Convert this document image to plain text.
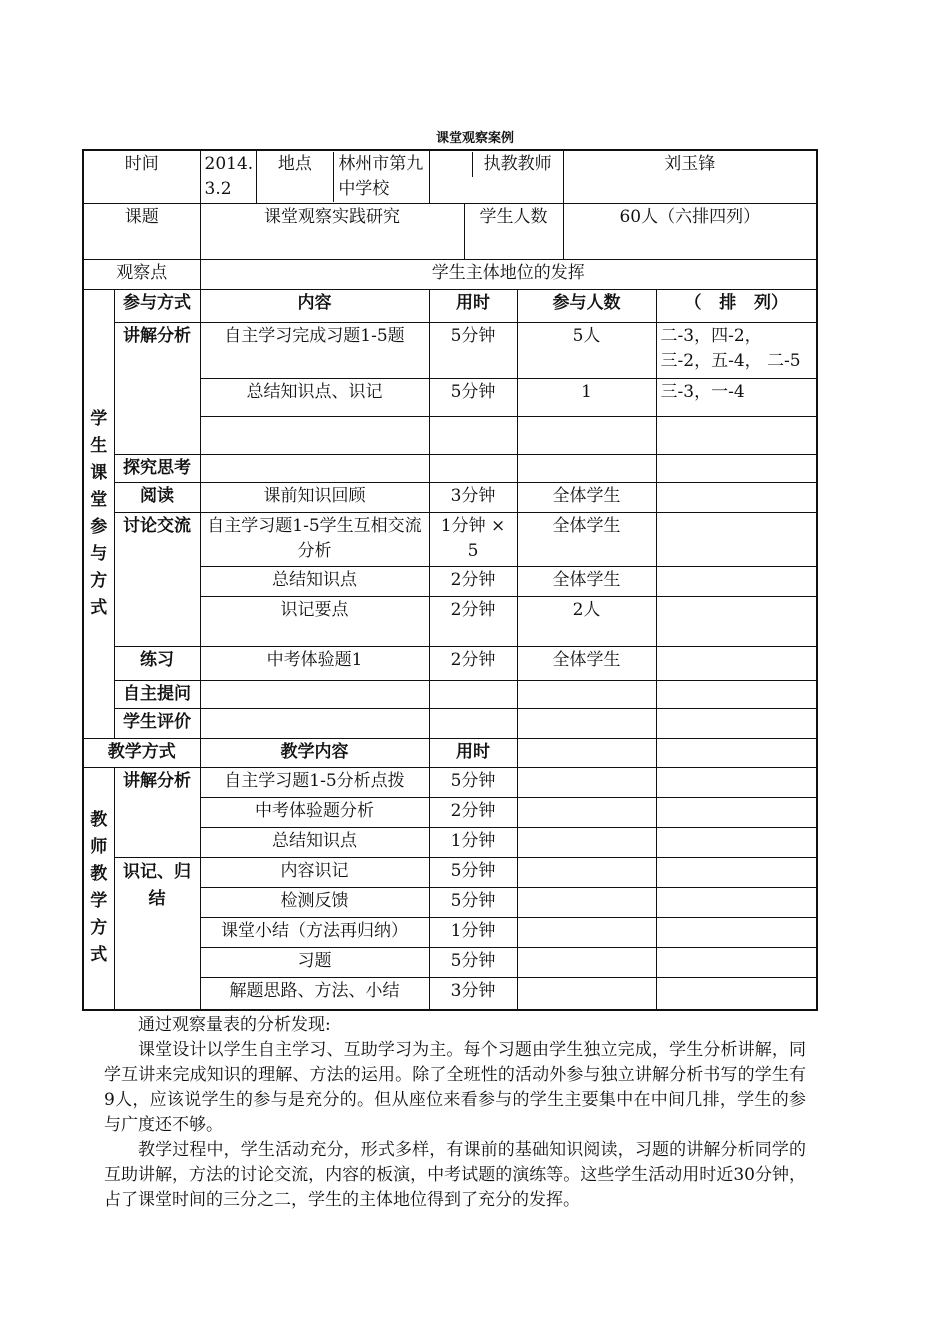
课堂观察案例
时间		2014. 3.2	地点 林州市第九中学校	执教教师			刘玉锋	
课题		课堂观察实践研究			学生人数		60人（六排四列）	
观察点		学生主体地位的发挥						

学生课堂参与方式	参与方式	内容		用时		参与人数		（   排   列）
	讲解分析	自主学习完成习题1-5题		5分钟		5人		二-3，四-2，三-2，五-4， 二-5
		总结知识点、识记		5分钟		1		三-3，一-4

	探究思考							
	阅读	课前知识回顾		3分钟		全体学生		
	讨论交流	自主学习题1-5学生互相交流分析		1分钟 × 5		全体学生		
		总结知识点		2分钟		全体学生		
		识记要点		2分钟		2人		
	练习	中考体验题1		2分钟		全体学生		
	自主提问							
	学生评价							
教学方式		教学内容		用时				

教师教学方式	讲解分析	自主学习题1-5分析点拨		5分钟				
		中考体验题分析		2分钟				
		总结知识点		1分钟				
	识记、归结	内容识记		5分钟				
		检测反馈		5分钟				
		课堂小结（方法再归纳）		1分钟				
		习题		5分钟				
		解题思路、方法、小结		3分钟				

通过观察量表的分析发现:

课堂设计以学生自主学习、互助学习为主。每个习题由学生独立完成，学生分析讲解，同学互讲来完成知识的理解、方法的运用。除了全班性的活动外参与独立讲解分析书写的学生有9人，应该说学生的参与是充分的。但从座位来看参与的学生主要集中在中间几排，学生的参与广度还不够。

教学过程中，学生活动充分，形式多样，有课前的基础知识阅读，习题的讲解分析同学的互助讲解，方法的讨论交流，内容的板演，中考试题的演练等。这些学生活动用时近30分钟，占了课堂时间的三分之二，学生的主体地位得到了充分的发挥。
